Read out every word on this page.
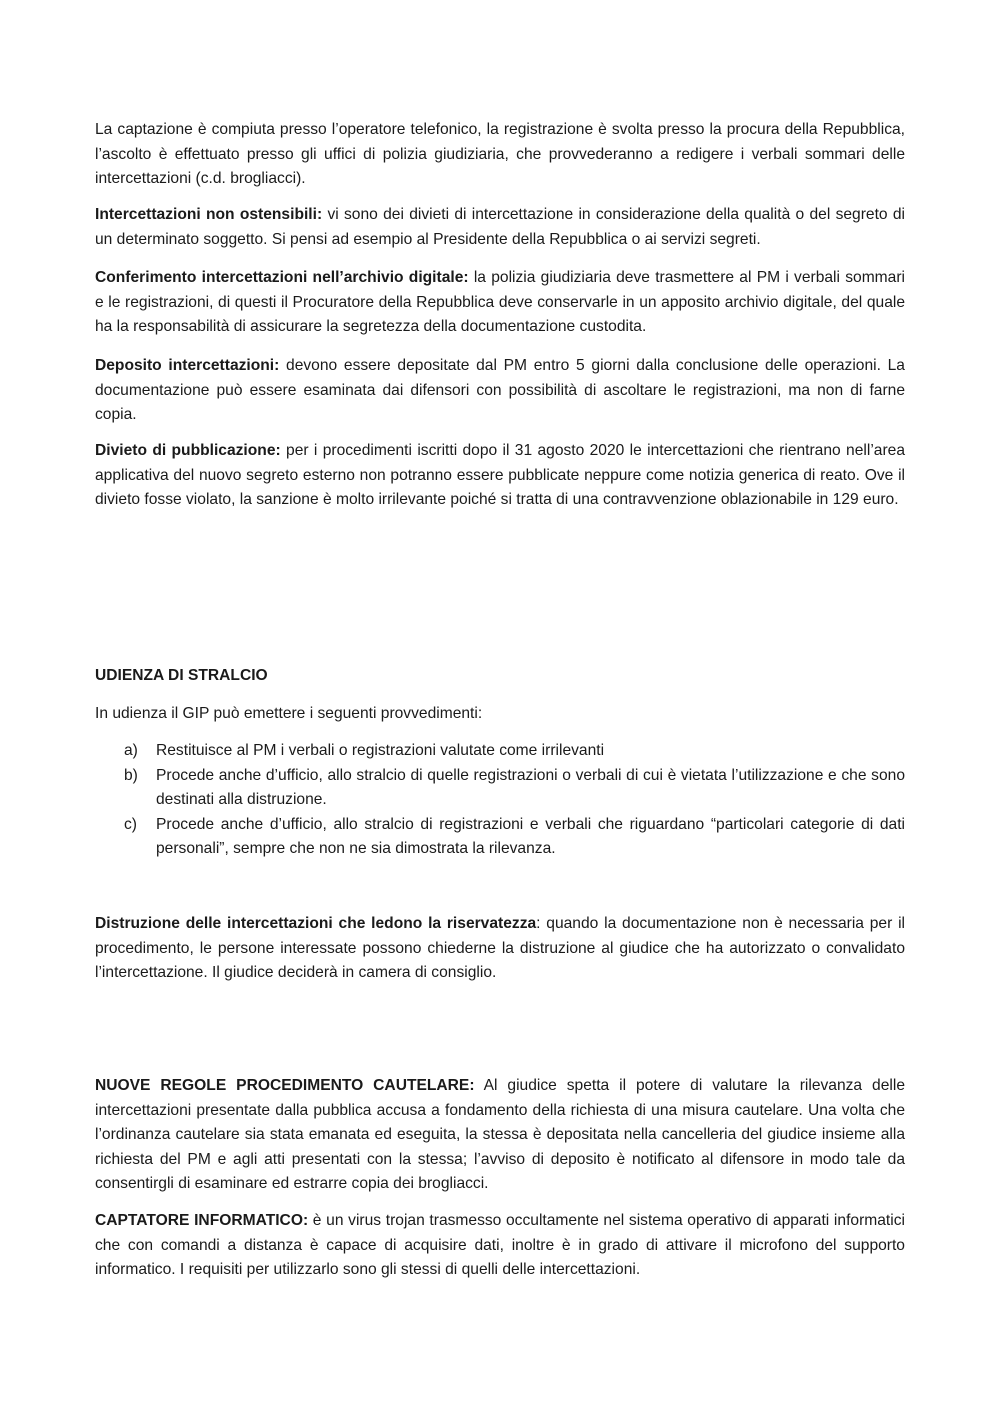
La captazione è compiuta presso l’operatore telefonico, la registrazione è svolta presso la procura della Repubblica, l’ascolto è effettuato presso gli uffici di polizia giudiziaria, che provvederanno a redigere i verbali sommari delle intercettazioni (c.d. brogliacci).

Intercettazioni non ostensibili: vi sono dei divieti di intercettazione in considerazione della qualità o del segreto di un determinato soggetto. Si pensi ad esempio al Presidente della Repubblica o ai servizi segreti.

Conferimento intercettazioni nell’archivio digitale: la polizia giudiziaria deve trasmettere al PM i verbali sommari e le registrazioni, di questi il Procuratore della Repubblica deve conservarle in un apposito archivio digitale, del quale ha la responsabilità di assicurare la segretezza della documentazione custodita.

Deposito intercettazioni: devono essere depositate dal PM entro 5 giorni dalla conclusione delle operazioni. La documentazione può essere esaminata dai difensori con possibilità di ascoltare le registrazioni, ma non di farne copia.

Divieto di pubblicazione: per i procedimenti iscritti dopo il 31 agosto 2020 le intercettazioni che rientrano nell’area applicativa del nuovo segreto esterno non potranno essere pubblicate neppure come notizia generica di reato. Ove il divieto fosse violato, la sanzione è molto irrilevante poiché si tratta di una contravvenzione oblazionabile in 129 euro.

UDIENZA DI STRALCIO

In udienza il GIP può emettere i seguenti provvedimenti:

a) Restituisce al PM i verbali o registrazioni valutate come irrilevanti
b) Procede anche d’ufficio, allo stralcio di quelle registrazioni o verbali di cui è vietata l’utilizzazione e che sono destinati alla distruzione.
c) Procede anche d’ufficio, allo stralcio di registrazioni e verbali che riguardano “particolari categorie di dati personali”, sempre che non ne sia dimostrata la rilevanza.

Distruzione delle intercettazioni che ledono la riservatezza: quando la documentazione non è necessaria per il procedimento, le persone interessate possono chiederne la distruzione al giudice che ha autorizzato o convalidato l’intercettazione. Il giudice deciderà in camera di consiglio.

NUOVE REGOLE PROCEDIMENTO CAUTELARE: Al giudice spetta il potere di valutare la rilevanza delle intercettazioni presentate dalla pubblica accusa a fondamento della richiesta di una misura cautelare. Una volta che l’ordinanza cautelare sia stata emanata ed eseguita, la stessa è depositata nella cancelleria del giudice insieme alla richiesta del PM e agli atti presentati con la stessa; l’avviso di deposito è notificato al difensore in modo tale da consentirgli di esaminare ed estrarre copia dei brogliacci.

CAPTATORE INFORMATICO: è un virus trojan trasmesso occultamente nel sistema operativo di apparati informatici che con comandi a distanza è capace di acquisire dati, inoltre è in grado di attivare il microfono del supporto informatico. I requisiti per utilizzarlo sono gli stessi di quelli delle intercettazioni.
